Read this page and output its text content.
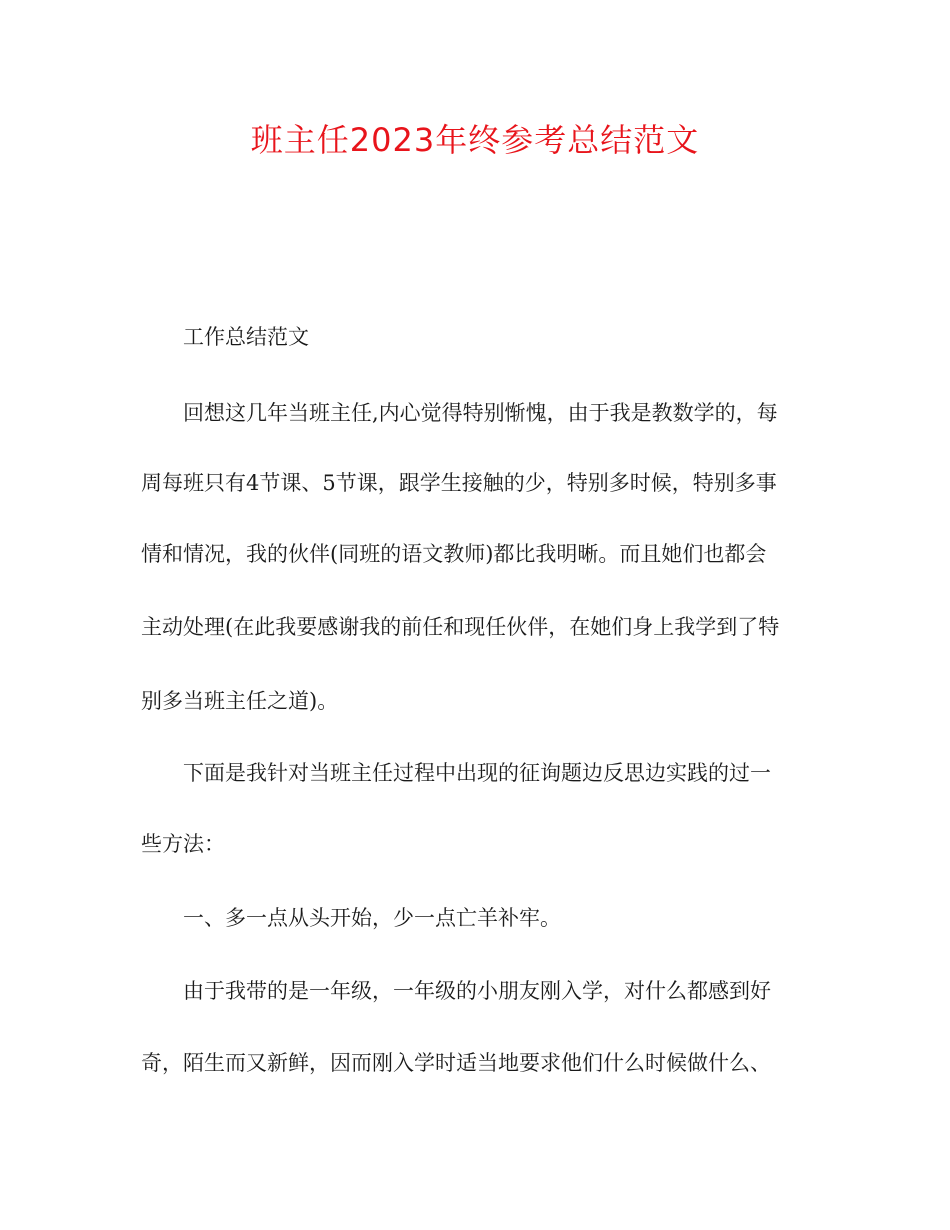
班主任2023年终参考总结范文
工作总结范文
回想这几年当班主任,内心觉得特别惭愧，由于我是教数学的，每
周每班只有4节课、5节课，跟学生接触的少，特别多时候，特别多事
情和情况，我的伙伴(同班的语文教师)都比我明晰。而且她们也都会
主动处理(在此我要感谢我的前任和现任伙伴，在她们身上我学到了特
别多当班主任之道)。
下面是我针对当班主任过程中出现的征询题边反思边实践的过一
些方法：
一、多一点从头开始，少一点亡羊补牢。
由于我带的是一年级，一年级的小朋友刚入学，对什么都感到好
奇，陌生而又新鲜，因而刚入学时适当地要求他们什么时候做什么、
